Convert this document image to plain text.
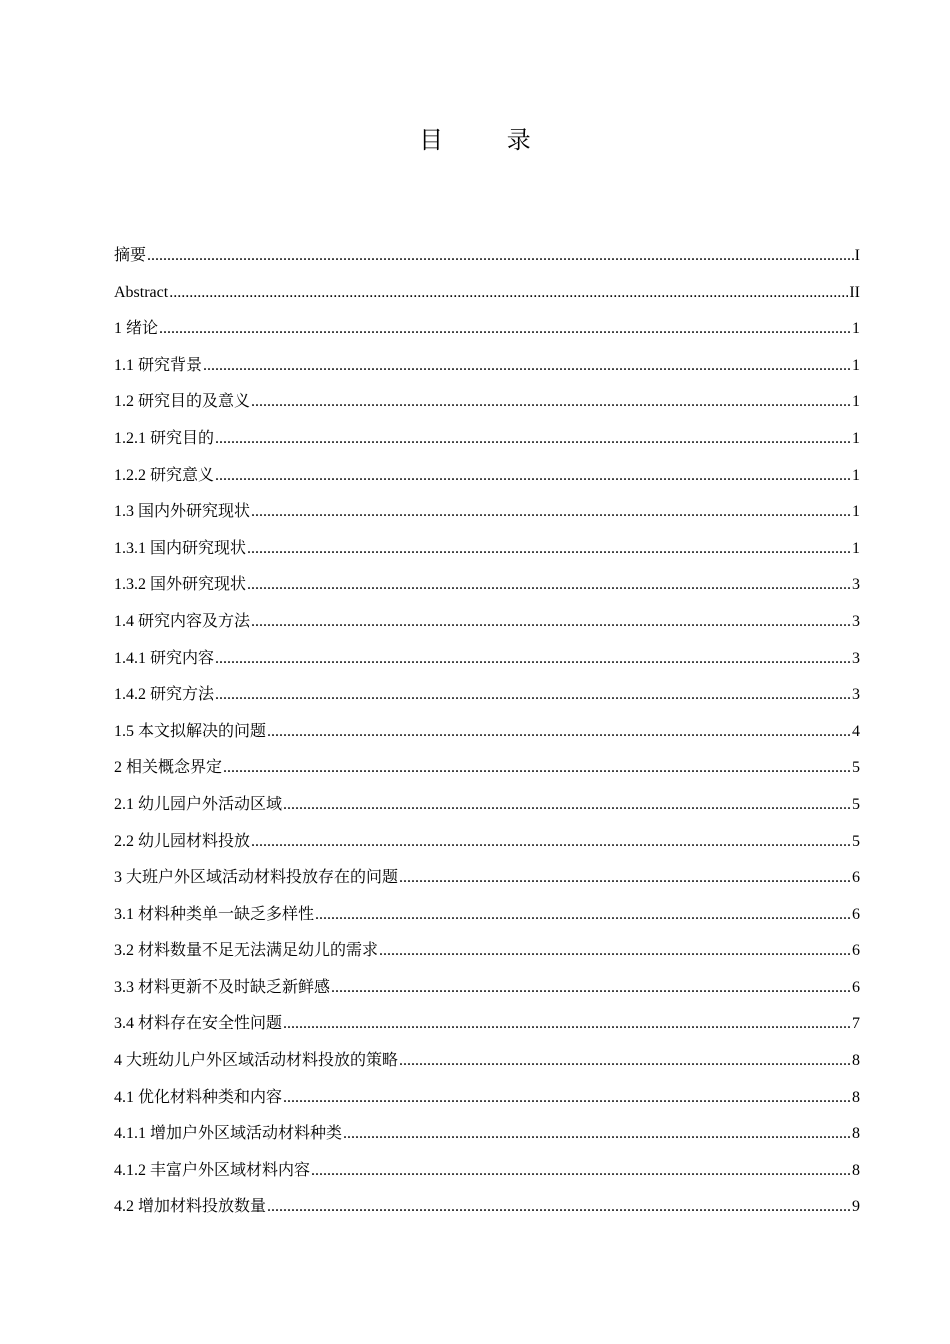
目 录
摘要 .....	I
Abstract .....	II
1 绪论 .....	1
1.1 研究背景 .....	1
1.2 研究目的及意义 .....	1
1.2.1 研究目的 .....	1
1.2.2 研究意义 .....	1
1.3 国内外研究现状 .....	1
1.3.1 国内研究现状 .....	1
1.3.2 国外研究现状 .....	3
1.4 研究内容及方法 .....	3
1.4.1 研究内容 .....	3
1.4.2 研究方法 .....	3
1.5 本文拟解决的问题 .....	4
2 相关概念界定 .....	5
2.1 幼儿园户外活动区域 .....	5
2.2 幼儿园材料投放 .....	5
3 大班户外区域活动材料投放存在的问题 .....	6
3.1 材料种类单一缺乏多样性 .....	6
3.2 材料数量不足无法满足幼儿的需求 .....	6
3.3 材料更新不及时缺乏新鲜感 .....	6
3.4 材料存在安全性问题 .....	7
4 大班幼儿户外区域活动材料投放的策略 .....	8
4.1 优化材料种类和内容 .....	8
4.1.1 增加户外区域活动材料种类 .....	8
4.1.2 丰富户外区域材料内容 .....	8
4.2 增加材料投放数量 .....	9
